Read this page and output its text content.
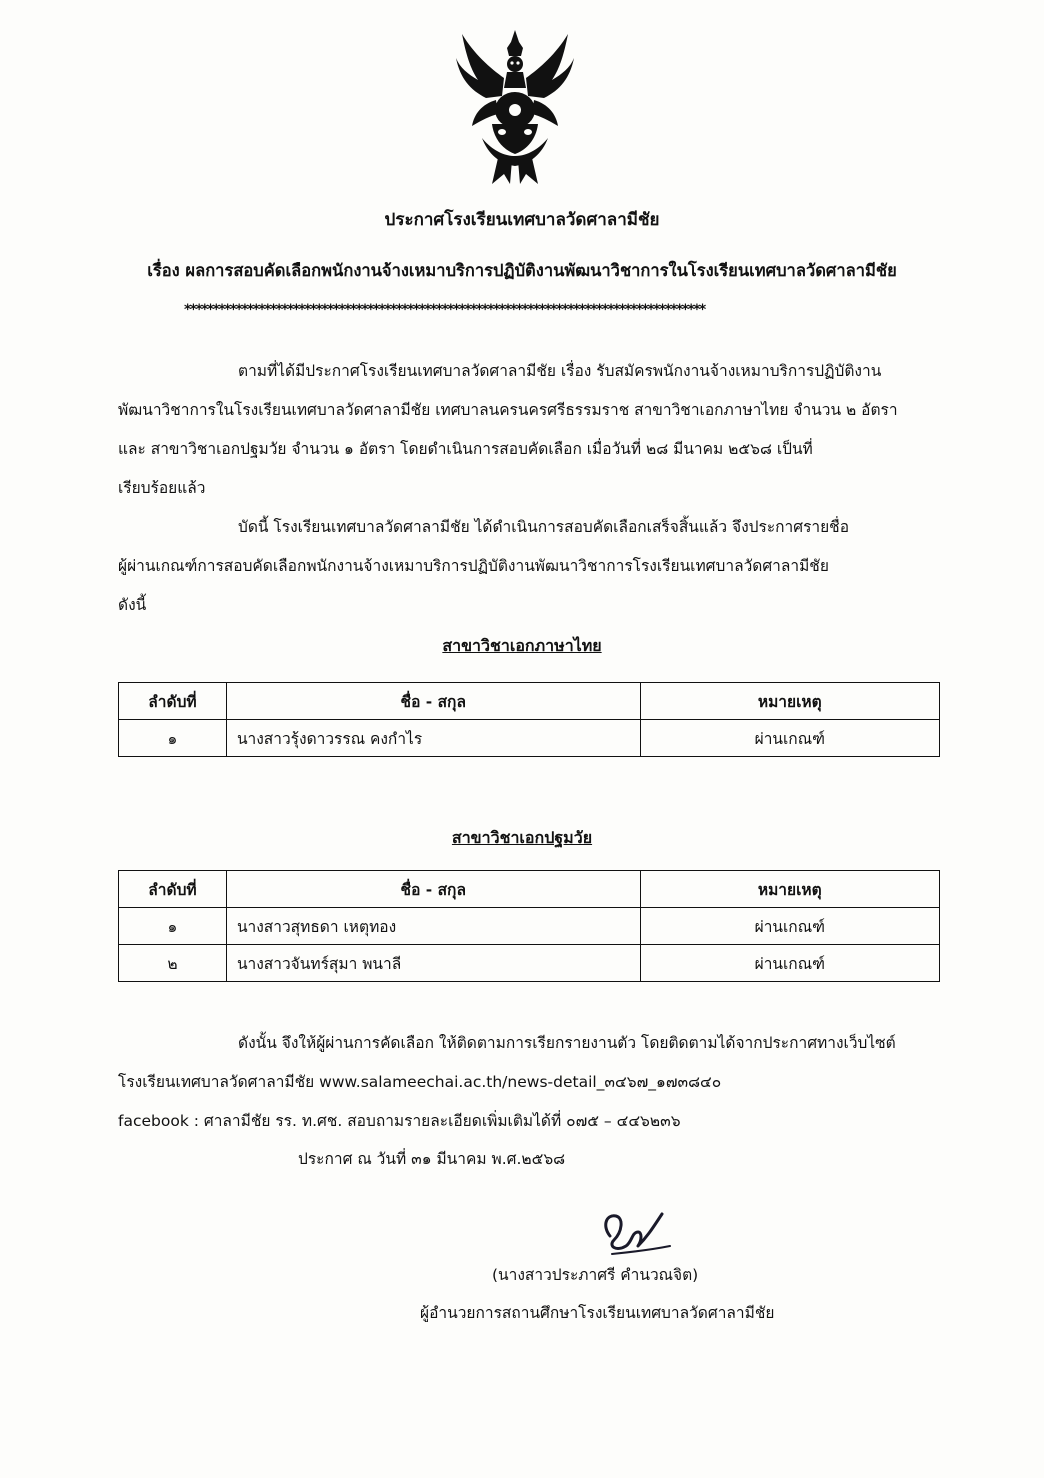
ประกาศโรงเรียนเทศบาลวัดศาลามีชัย
เรื่อง ผลการสอบคัดเลือกพนักงานจ้างเหมาบริการปฏิบัติงานพัฒนาวิชาการในโรงเรียนเทศบาลวัดศาลามีชัย
*******************************************************************************************
ตามที่ได้มีประกาศโรงเรียนเทศบาลวัดศาลามีชัย เรื่อง รับสมัครพนักงานจ้างเหมาบริการปฏิบัติงาน
พัฒนาวิชาการในโรงเรียนเทศบาลวัดศาลามีชัย เทศบาลนครนครศรีธรรมราช สาขาวิชาเอกภาษาไทย จำนวน ๒ อัตรา
และ สาขาวิชาเอกปฐมวัย จำนวน ๑ อัตรา โดยดำเนินการสอบคัดเลือก เมื่อวันที่ ๒๘ มีนาคม ๒๕๖๘ เป็นที่
เรียบร้อยแล้ว
บัดนี้ โรงเรียนเทศบาลวัดศาลามีชัย ได้ดำเนินการสอบคัดเลือกเสร็จสิ้นแล้ว จึงประกาศรายชื่อ
ผู้ผ่านเกณฑ์การสอบคัดเลือกพนักงานจ้างเหมาบริการปฏิบัติงานพัฒนาวิชาการโรงเรียนเทศบาลวัดศาลามีชัย
ดังนี้
สาขาวิชาเอกภาษาไทย
ลำดับที่	ชื่อ - สกุล	หมายเหตุ
๑	นางสาวรุ้งดาวรรณ คงกำไร	ผ่านเกณฑ์
สาขาวิชาเอกปฐมวัย
ลำดับที่	ชื่อ - สกุล	หมายเหตุ
๑	นางสาวสุทธดา เหตุทอง	ผ่านเกณฑ์
๒	นางสาวจันทร์สุมา พนาลี	ผ่านเกณฑ์
ดังนั้น จึงให้ผู้ผ่านการคัดเลือก ให้ติดตามการเรียกรายงานตัว โดยติดตามได้จากประกาศทางเว็บไซต์
โรงเรียนเทศบาลวัดศาลามีชัย www.salameechai.ac.th/news-detail_๓๔๖๗_๑๗๓๘๔๐
facebook : ศาลามีชัย รร. ท.ศช. สอบถามรายละเอียดเพิ่มเติมได้ที่ ๐๗๕ – ๔๔๖๒๓๖
ประกาศ ณ วันที่ ๓๑ มีนาคม พ.ศ.๒๕๖๘
(นางสาวประภาศรี คำนวณจิต)
ผู้อำนวยการสถานศึกษาโรงเรียนเทศบาลวัดศาลามีชัย
